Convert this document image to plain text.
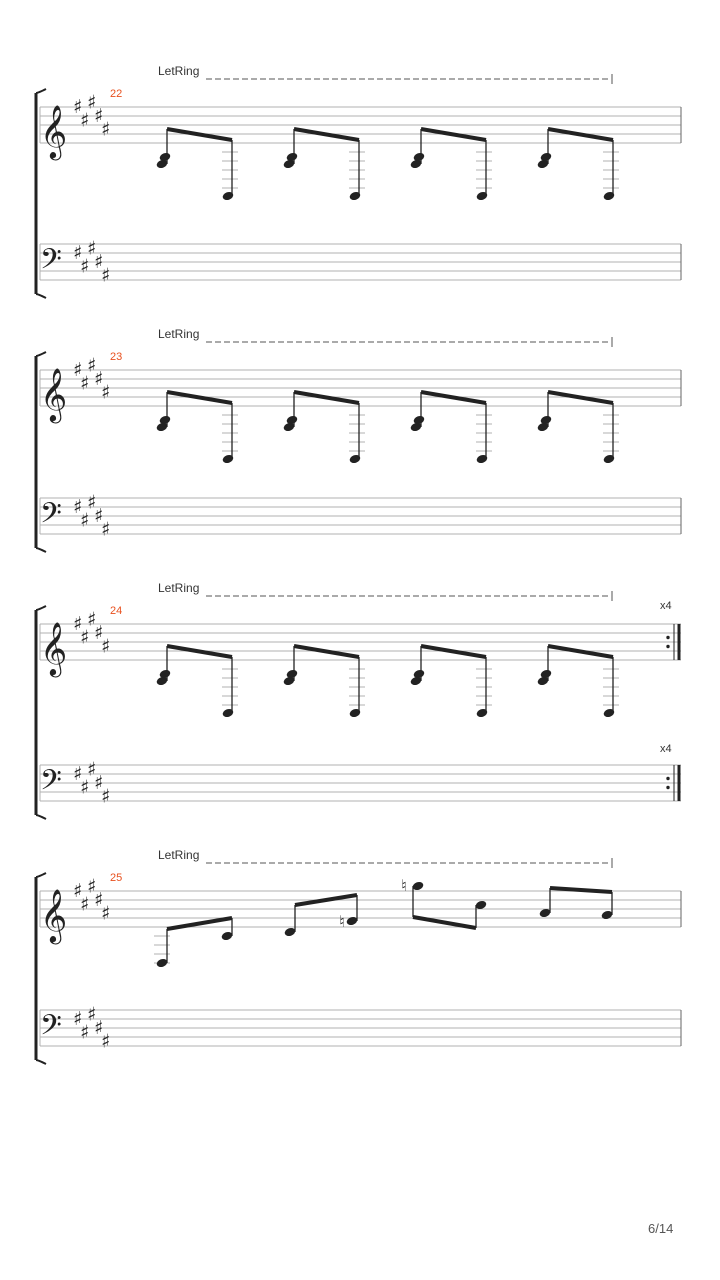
LetRing
𝄞 ♯
♯
♯
♯
♯
𝄢 ♯
♯
♯
♯
♯
22
LetRing
𝄞 ♯
♯
♯
♯
♯
𝄢 ♯
♯
♯
♯
♯
23
LetRing
𝄞 ♯
♯
♯
♯
♯
𝄢 ♯
♯
♯
♯
♯
24	x4
x4
LetRing
𝄞 ♯
♯
♯
♯
♯	♮
♮
𝄢 ♯
♯
♯
♯
♯
25
6/14
